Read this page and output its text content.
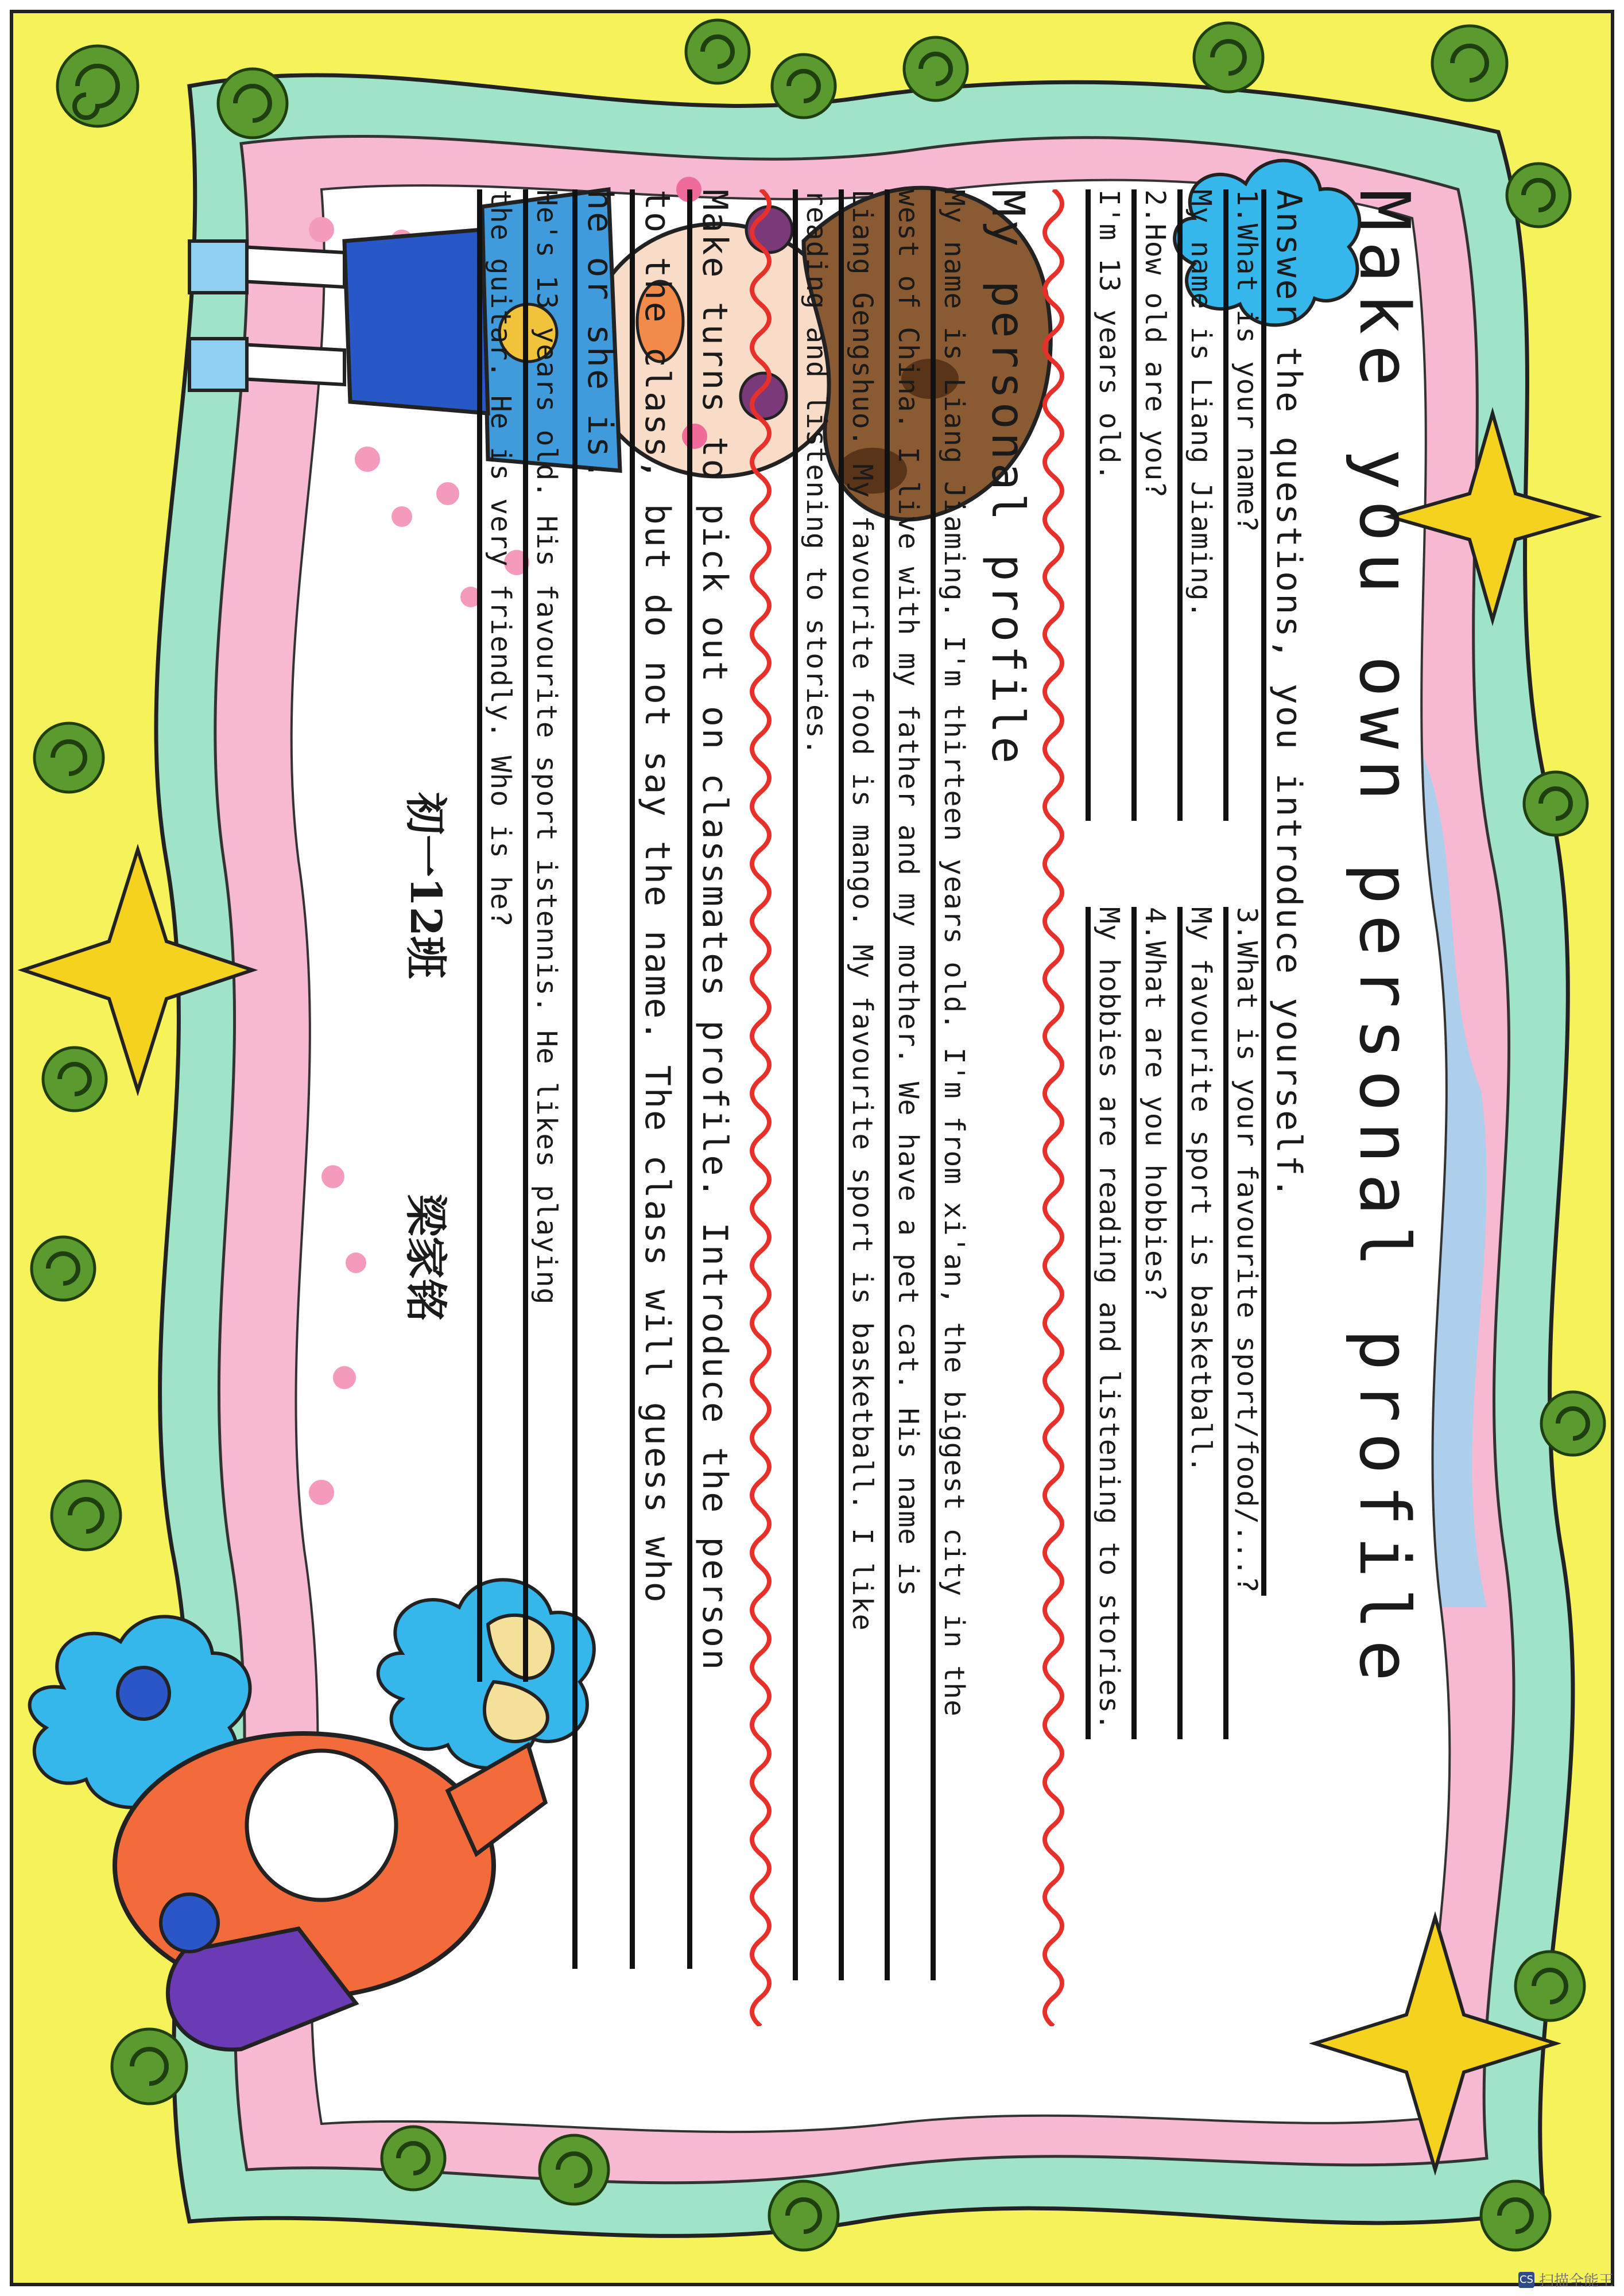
Make you own personal profile
Answer the questions, you introduce yourself.
1.What is your name?
3.What is your favourite sport/food/...?
My name is Liang Jiaming.
My favourite sport is basketball.
2.How old are you?
4.What are you hobbies?
I'm 13 years old.
My hobbies are reading and listening to stories.
My personal profile
My name is Liang Jiaming. I'm thirteen years old. I'm from xi'an, the biggest city in the
west of China. I live with my father and my mother. We have a pet cat. His name is
Liang Gengshuo. My favourite food is mango. My favourite sport is basketball. I like
reading and listening to stories.
Make turns to pick out on classmates profile. Introduce the person
to the class, but do not say the name. The class will guess who
he or she is.
He's 13 years old. His favourite sport istennis. He likes playing
the guitar. He is very friendly. Who is he?
初一12班
梁家铭
CS 扫描全能王
